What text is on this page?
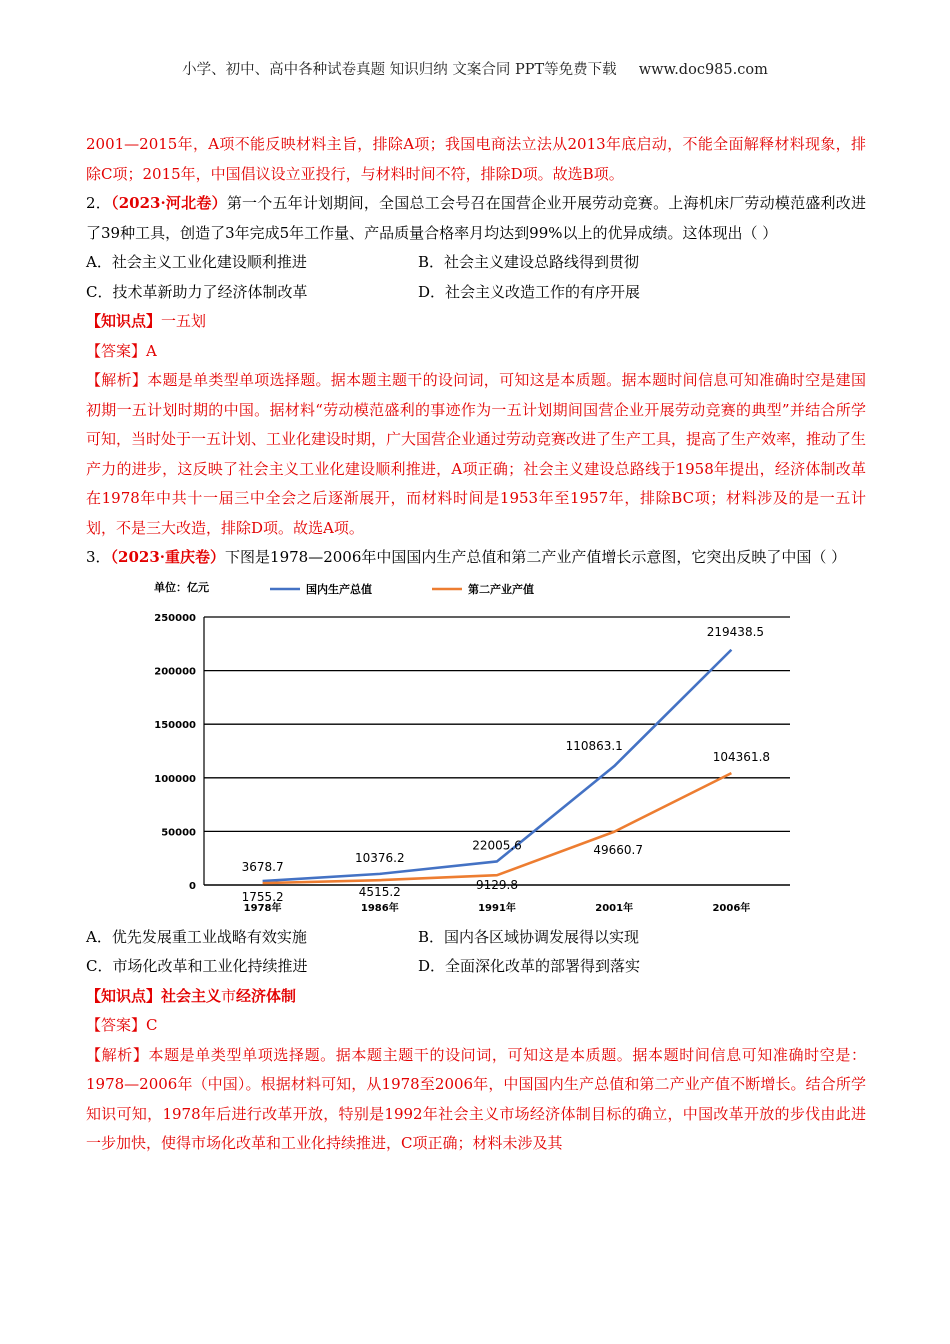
小学、初中、高中各种试卷真题 知识归纳 文案合同 PPT等免费下载 www.doc985.com

2001—2015年，A项不能反映材料主旨，排除A项；我国电商法立法从2013年底启动，不能全面解释材料现象，排除C项；2015年，中国倡议设立亚投行，与材料时间不符，排除D项。故选B项。

2．（2023·河北卷）第一个五年计划期间，全国总工会号召在国营企业开展劳动竞赛。上海机床厂劳动模范盛利改进了39种工具，创造了3年完成5年工作量、产品质量合格率月均达到99%以上的优异成绩。这体现出（ ）

A．社会主义工业化建设顺利推进	B．社会主义建设总路线得到贯彻
C．技术革新助力了经济体制改革	D．社会主义改造工作的有序开展

【知识点】一五划

【答案】A

【解析】本题是单类型单项选择题。据本题主题干的设问词，可知这是本质题。据本题时间信息可知准确时空是建国初期一五计划时期的中国。据材料“劳动模范盛利的事迹作为一五计划期间国营企业开展劳动竞赛的典型”并结合所学可知，当时处于一五计划、工业化建设时期，广大国营企业通过劳动竞赛改进了生产工具，提高了生产效率，推动了生产力的进步，这反映了社会主义工业化建设顺利推进，A项正确；社会主义建设总路线于1958年提出，经济体制改革在1978年中共十一届三中全会之后逐渐展开，而材料时间是1953年至1957年，排除BC项；材料涉及的是一五计划，不是三大改造，排除D项。故选A项。

3．（2023·重庆卷）下图是1978—2006年中国国内生产总值和第二产业产值增长示意图，它突出反映了中国（ ）

单位：亿元	国内生产总值	第二产业产值
0
50000
100000
150000
200000
250000
1978年	1986年	1991年	2001年	2006年
3678.7
10376.2
22005.6
110863.1
219438.5
1755.2	4515.2	9129.8
49660.7
104361.8
A．优先发展重工业战略有效实施	B．国内各区域协调发展得以实现
C．市场化改革和工业化持续推进	D．全面深化改革的部署得到落实

【知识点】社会主义市经济体制

【答案】C

【解析】本题是单类型单项选择题。据本题主题干的设问词，可知这是本质题。据本题时间信息可知准确时空是：1978—2006年（中国）。根据材料可知，从1978至2006年，中国国内生产总值和第二产业产值不断增长。结合所学知识可知，1978年后进行改革开放，特别是1992年社会主义市场经济体制目标的确立，中国改革开放的步伐由此进一步加快，使得市场化改革和工业化持续推进，C项正确；材料未涉及其
